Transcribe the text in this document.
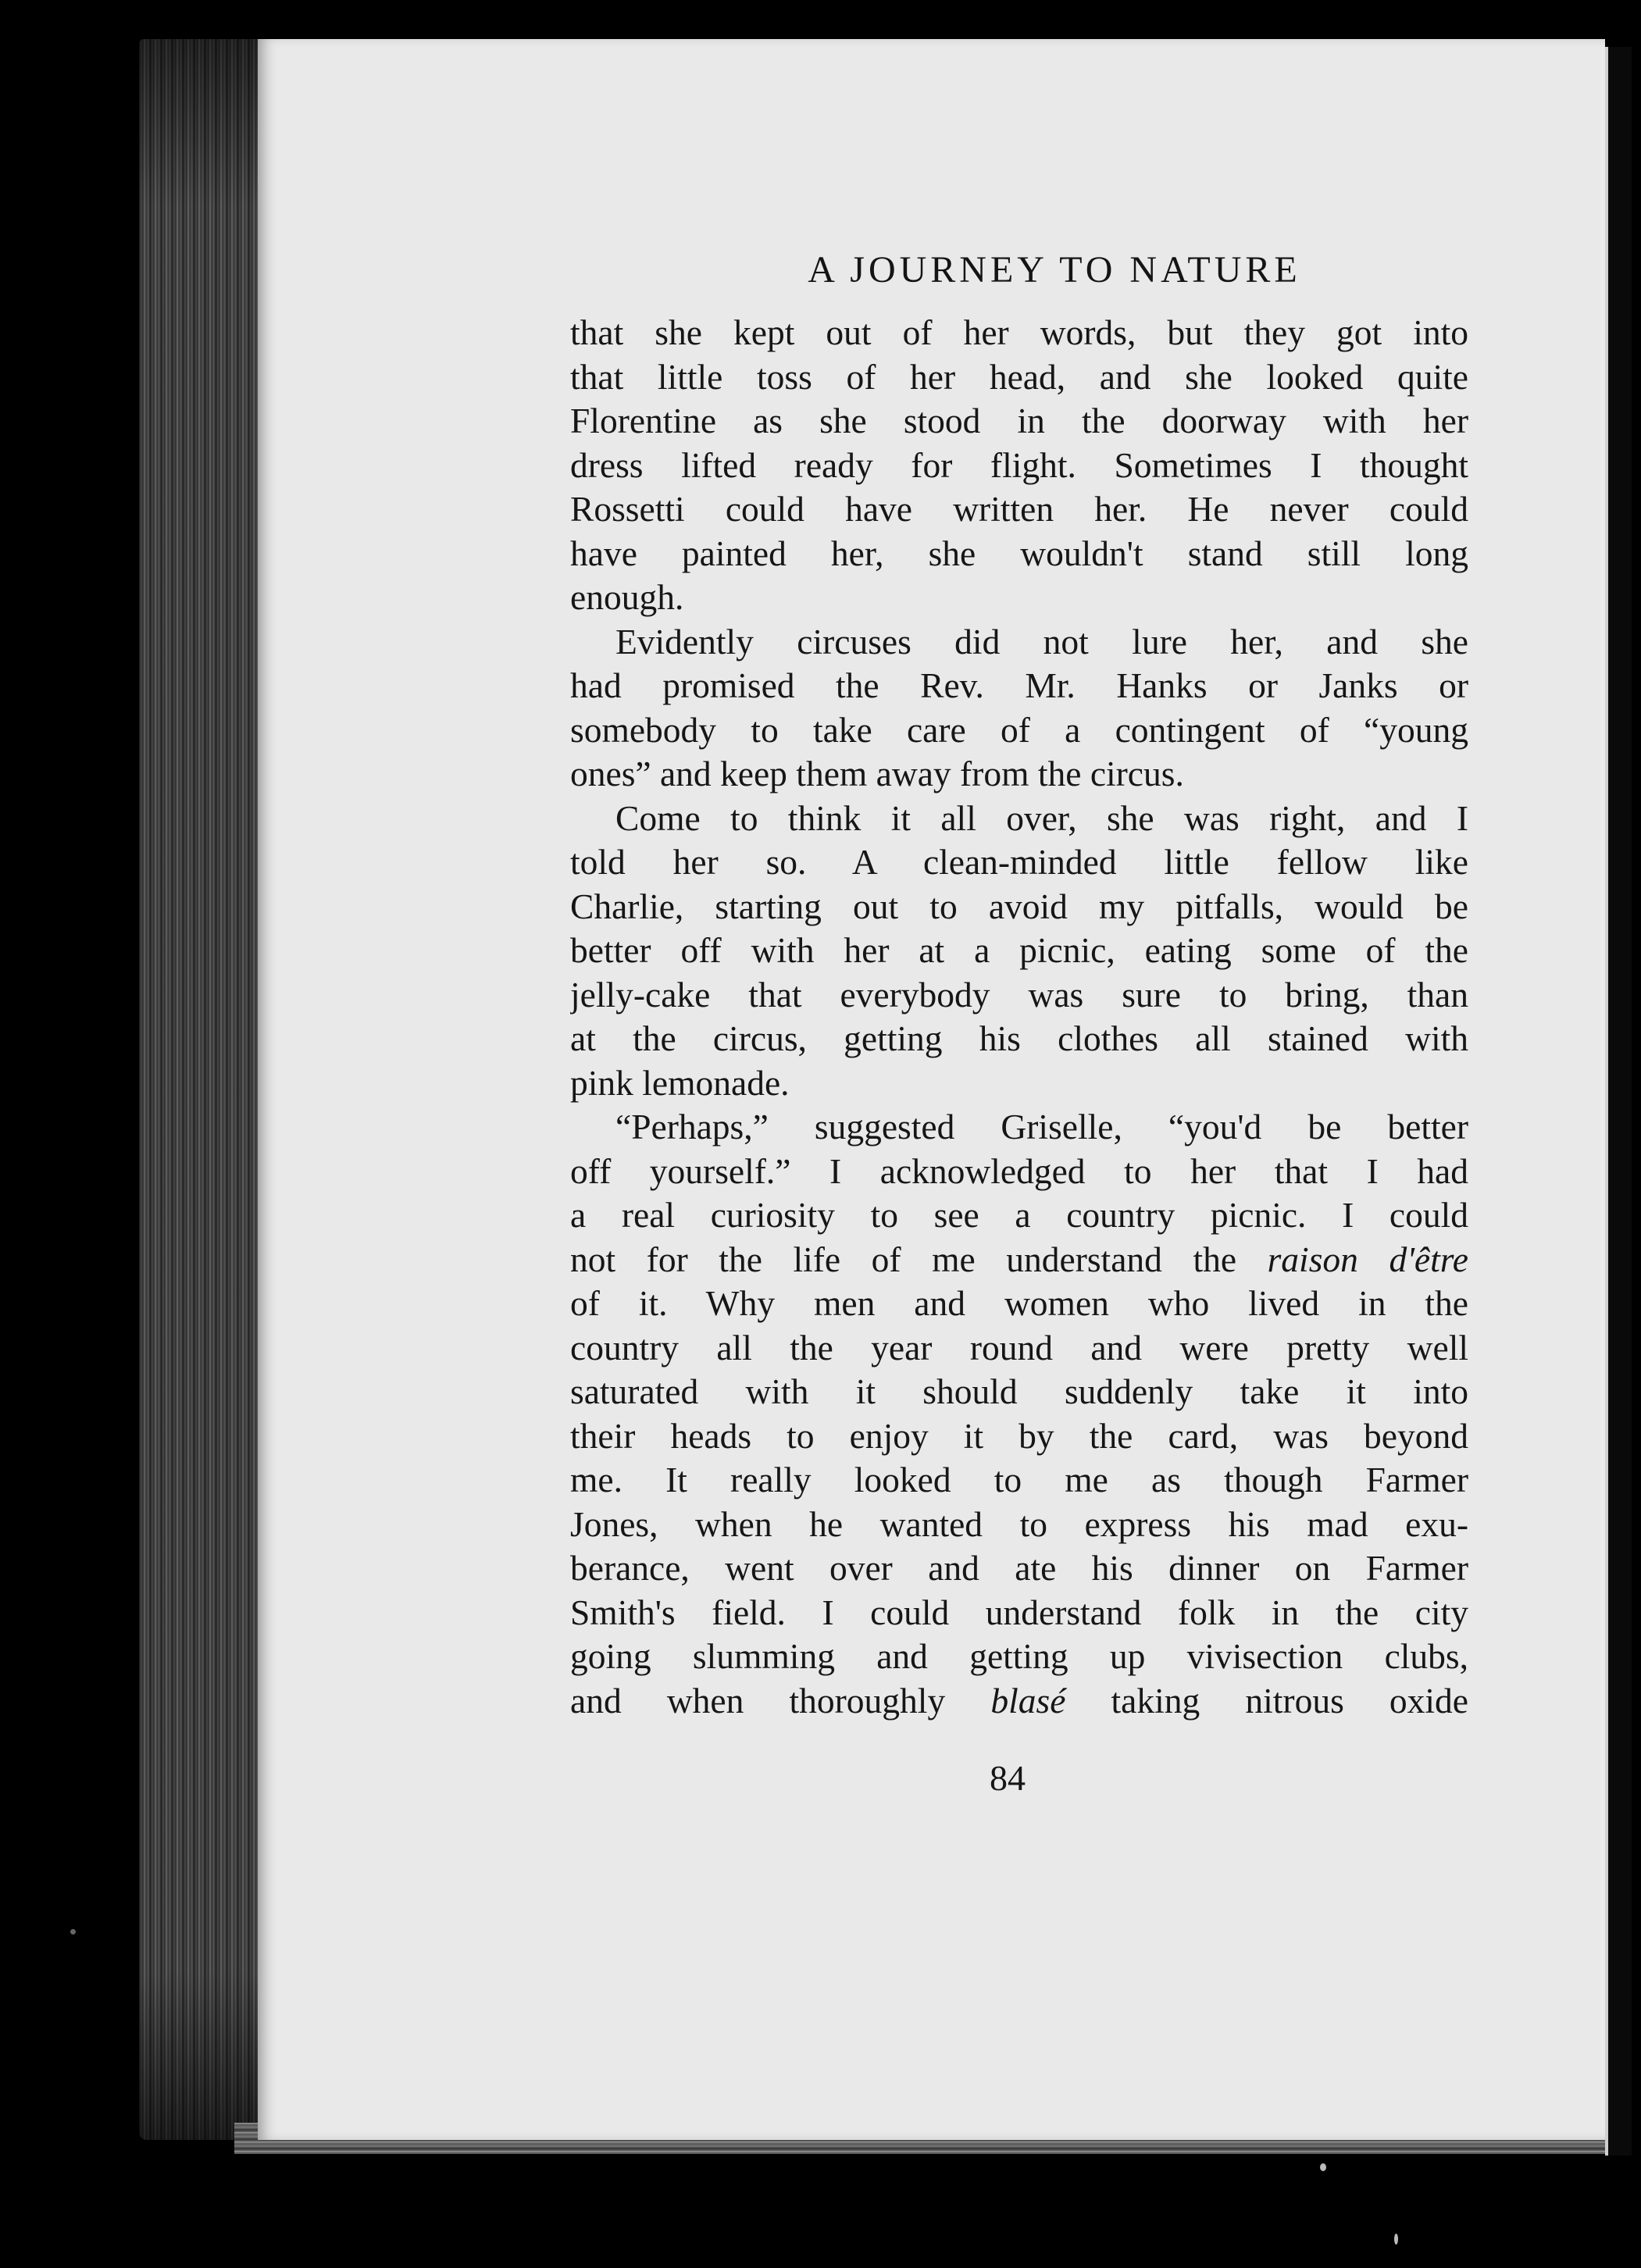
A JOURNEY TO NATURE
that she kept out of her words, but they got into
that little toss of her head, and she looked quite
Florentine as she stood in the doorway with her
dress lifted ready for flight. Sometimes I thought
Rossetti could have written her. He never could
have painted her, she wouldn't stand still long
enough.
Evidently circuses did not lure her, and she
had promised the Rev. Mr. Hanks or Janks or
somebody to take care of a contingent of “young
ones” and keep them away from the circus.
Come to think it all over, she was right, and I
told her so. A clean-minded little fellow like
Charlie, starting out to avoid my pitfalls, would be
better off with her at a picnic, eating some of the
jelly-cake that everybody was sure to bring, than
at the circus, getting his clothes all stained with
pink lemonade.
“Perhaps,” suggested Griselle, “you'd be better
off yourself.” I acknowledged to her that I had
a real curiosity to see a country picnic. I could
not for the life of me understand the raison d'être
of it. Why men and women who lived in the
country all the year round and were pretty well
saturated with it should suddenly take it into
their heads to enjoy it by the card, was beyond
me. It really looked to me as though Farmer
Jones, when he wanted to express his mad exu-
berance, went over and ate his dinner on Farmer
Smith's field. I could understand folk in the city
going slumming and getting up vivisection clubs,
and when thoroughly blasé taking nitrous oxide
84
